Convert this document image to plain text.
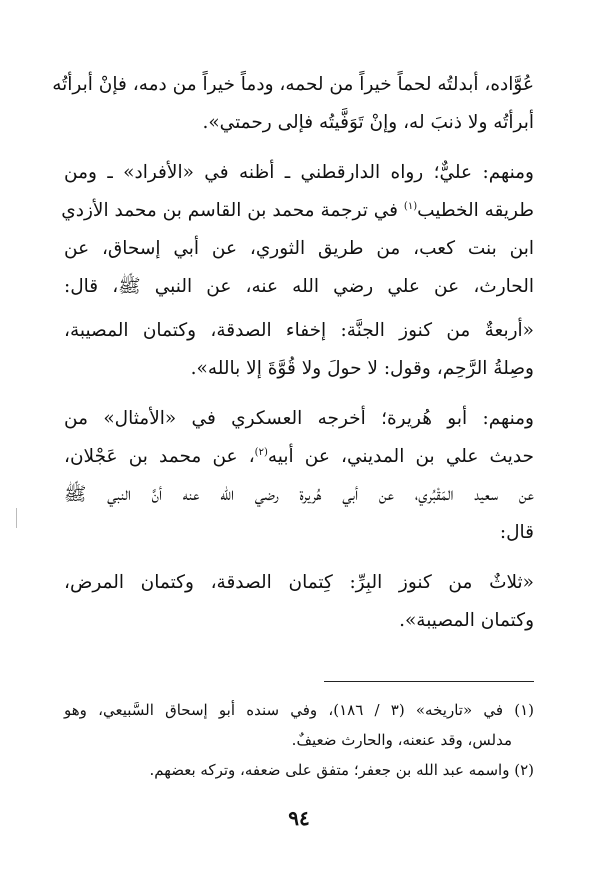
عُوَّاده، أبدلتُه لحماً خيراً من لحمه، ودماً خيراً من دمه، فإنْ أبرأتُه
أبرأتُه ولا ذنبَ له، وإنْ تَوَفَّيتُه فإلى رحمتي».
ومنهم: عليٌّ؛ رواه الدارقطني ـ أظنه في «الأفراد» ـ ومن
طريقه الخطيب$^{(١)}$ في ترجمة محمد بن القاسم بن محمد الأزدي
ابن بنت كعب، من طريق الثوري، عن أبي إسحاق، عن
الحارث، عن علي رضي الله عنه، عن النبي ﷺ، قال:
«أربعةٌ من كنوز الجنَّة: إخفاء الصدقة، وكتمان المصيبة،
وصِلةُ الرَّحِم، وقول: لا حولَ ولا قُوَّةَ إلا بالله».
ومنهم: أبو هُريرة؛ أخرجه العسكري في «الأمثال» من
حديث علي بن المديني، عن أبيه$^{(٢)}$، عن محمد بن عَجْلان،
عن سعيد المَقْبُري، عن أبي هُريرة رضي الله عنه أنَّ النبي ﷺ
قال:
«ثلاثٌ من كنوز البِرِّ: كِتمان الصدقة، وكتمان المرض،
وكتمان المصيبة».
(١) في «تاريخه» (٣ / ١٨٦)، وفي سنده أبو إسحاق السَّبيعي، وهو
مدلس، وقد عنعنه، والحارث ضعيفٌ.
(٢) واسمه عبد الله بن جعفر؛ متفق على ضعفه، وتركه بعضهم.
٩٤
